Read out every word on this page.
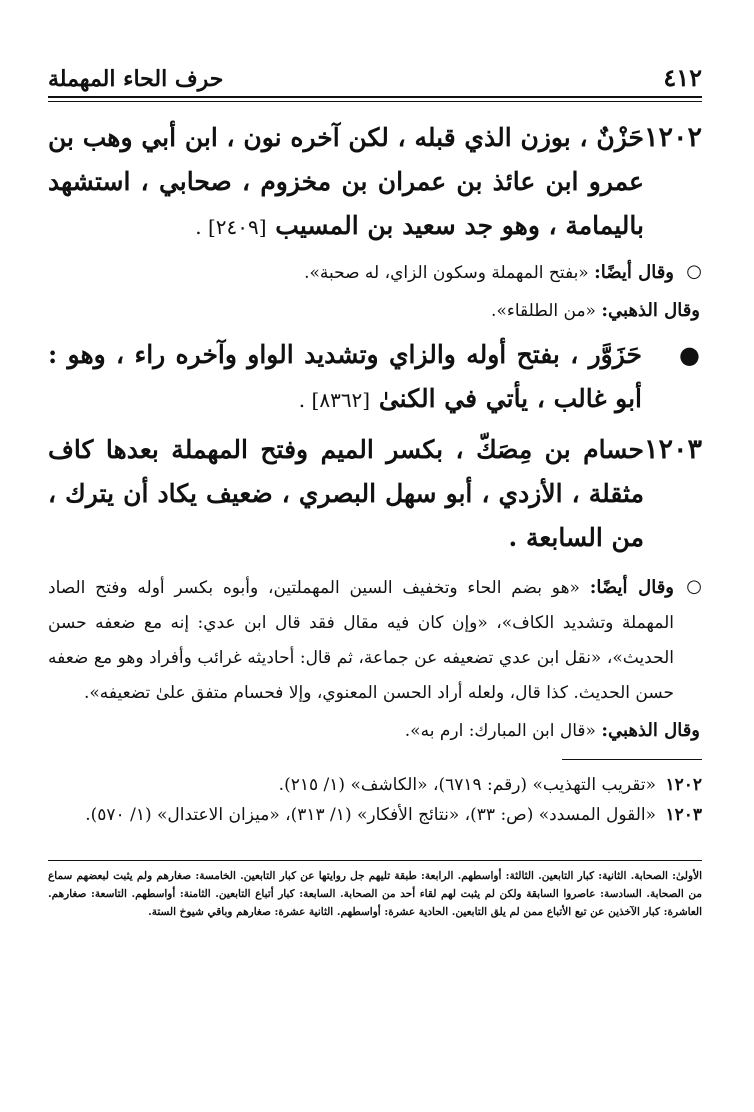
٤١٢
حرف الحاء المهملة
١٢٠٢
حَزْنٌ ، بوزن الذي قبله ، لكن آخره نون ، ابن أبي وهب بن عمرو ابن عائذ بن عمران بن مخزوم ، صحابي ، استشهد باليمامة ، وهو جد سعيد بن المسيب [٢٤٠٩] .
○
وقال أيضًا: «بفتح المهملة وسكون الزاي، له صحبة».
وقال الذهبي: «من الطلقاء».
●
حَزَوَّر ، بفتح أوله والزاي وتشديد الواو وآخره راء ، وهو : أبو غالب ، يأتي في الكنىٰ [٨٣٦٢] .
١٢٠٣
حسام بن مِصَكّ ، بكسر الميم وفتح المهملة بعدها كاف مثقلة ، الأزدي ، أبو سهل البصري ، ضعيف يكاد أن يترك ، من السابعة .
○
وقال أيضًا: «هو بضم الحاء وتخفيف السين المهملتين، وأبوه بكسر أوله وفتح الصاد المهملة وتشديد الكاف»، «وإن كان فيه مقال فقد قال ابن عدي: إنه مع ضعفه حسن الحديث»، «نقل ابن عدي تضعيفه عن جماعة، ثم قال: أحاديثه غرائب وأفراد وهو مع ضعفه حسن الحديث. كذا قال، ولعله أراد الحسن المعنوي، وإلا فحسام متفق علىٰ تضعيفه».
وقال الذهبي: «قال ابن المبارك: ارم به».
١٢٠٢
«تقريب التهذيب» (رقم: ٦٧١٩)، «الكاشف» (١/ ٢١٥).
١٢٠٣
«القول المسدد» (ص: ٣٣)، «نتائج الأفكار» (١/ ٣١٣)، «ميزان الاعتدال» (١/ ٥٧٠).
الأولىٰ: الصحابة. الثانية: كبار التابعين. الثالثة: أواسطهم. الرابعة: طبقة تليهم جل روايتها عن كبار التابعين. الخامسة: صغارهم ولم يثبت لبعضهم سماع من الصحابة. السادسة: عاصروا السابقة ولكن لم يثبت لهم لقاء أحد من الصحابة. السابعة: كبار أتباع التابعين. الثامنة: أواسطهم. التاسعة: صغارهم. العاشرة: كبار الآخذين عن تبع الأتباع ممن لم يلق التابعين. الحادية عشرة: أواسطهم. الثانية عشرة: صغارهم وباقي شيوخ الستة.
